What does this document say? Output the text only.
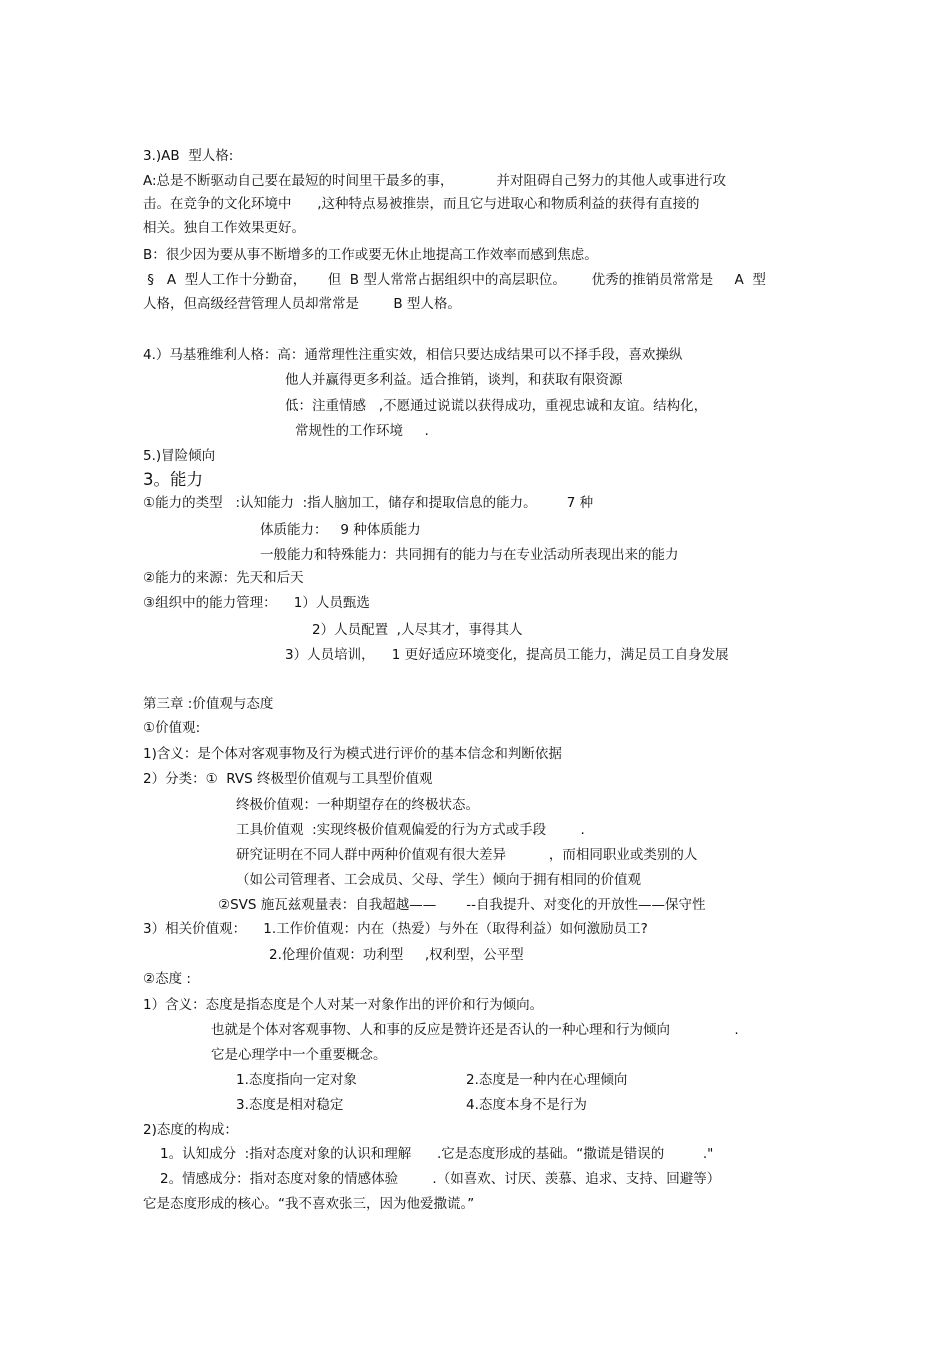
3.)AB  型人格:
A:总是不断驱动自己要在最短的时间里干最多的事，          并对阻碍自己努力的其他人或事进行攻
击。在竞争的文化环境中      ,这种特点易被推崇，而且它与进取心和物质利益的获得有直接的
相关。独自工作效果更好。
B：很少因为要从事不断增多的工作或要无休止地提高工作效率而感到焦虑。
§   A  型人工作十分勤奋，     但  B 型人常常占据组织中的高层职位。      优秀的推销员常常是     A  型
人格，但高级经营管理人员却常常是        B 型人格。
4.）马基雅维利人格：高：通常理性注重实效，相信只要达成结果可以不择手段，喜欢操纵
他人并赢得更多利益。适合推销，谈判，和获取有限资源
低：注重情感   ,不愿通过说谎以获得成功，重视忠诚和友谊。结构化，
常规性的工作环境     .
5.)冒险倾向
3。能力
①能力的类型   :认知能力  :指人脑加工，储存和提取信息的能力。       7 种
体质能力：   9 种体质能力
一般能力和特殊能力：共同拥有的能力与在专业活动所表现出来的能力
②能力的来源：先天和后天
③组织中的能力管理：    1）人员甄选
2）人员配置  ,人尽其才，事得其人
3）人员培训，    1 更好适应环境变化，提高员工能力，满足员工自身发展
第三章 :价值观与态度
①价值观:
1)含义：是个体对客观事物及行为模式进行评价的基本信念和判断依据
2）分类：①  RVS 终极型价值观与工具型价值观
终极价值观：一种期望存在的终极状态。
工具价值观  :实现终极价值观偏爱的行为方式或手段        .
研究证明在不同人群中两种价值观有很大差异          ，而相同职业或类别的人
（如公司管理者、工会成员、父母、学生）倾向于拥有相同的价值观
②SVS 施瓦兹观量表：自我超越——       --自我提升、对变化的开放性——保守性
3）相关价值观：    1.工作价值观：内在（热爱）与外在（取得利益）如何激励员工?
2.伦理价值观：功利型     ,权利型，公平型
②态度 :
1）含义：态度是指态度是个人对某一对象作出的评价和行为倾向。
也就是个体对客观事物、人和事的反应是赞许还是否认的一种心理和行为倾向               .
它是心理学中一个重要概念。
1.态度指向一定对象	2.态度是一种内在心理倾向
3.态度是相对稳定	4.态度本身不是行为
2)态度的构成：
1。认知成分  :指对态度对象的认识和理解      .它是态度形成的基础。“撒谎是错误的         ."
2。情感成分：指对态度对象的情感体验        .（如喜欢、讨厌、羡慕、追求、支持、回避等）
它是态度形成的核心。“我不喜欢张三，因为他爱撒谎。”
